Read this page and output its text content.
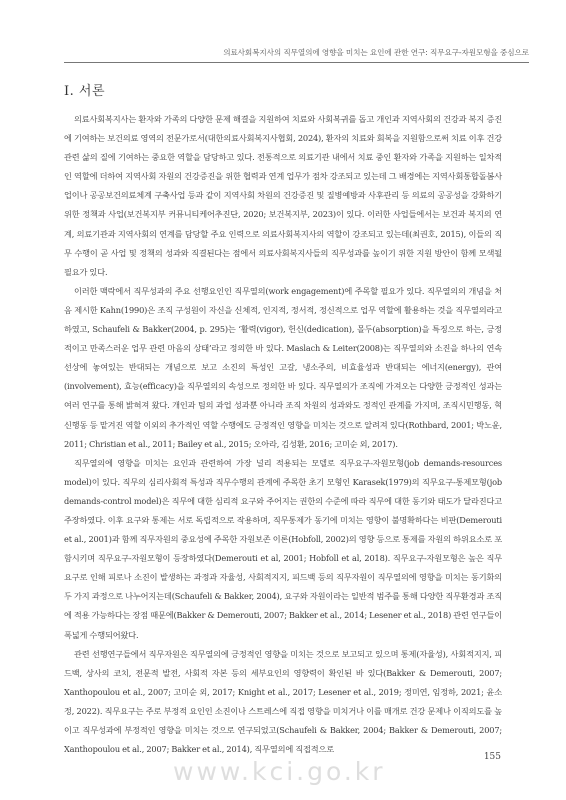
의료사회복지사의 직무열의에 영향을 미치는 요인에 관한 연구: 직무요구-자원모형을 중심으로
Ⅰ. 서론

의료사회복지사는 환자와 가족의 다양한 문제 해결을 지원하여 치료와 사회복귀를 돕고 개인과 지역사회의 건강과 복지 증진에 기여하는 보건의료 영역의 전문가로서(대한의료사회복지사협회, 2024), 환자의 치료와 회복을 지원함으로써 치료 이후 건강 관련 삶의 질에 기여하는 중요한 역할을 담당하고 있다. 전통적으로 의료기관 내에서 치료 중인 환자와 가족을 지원하는 일차적인 역할에 더하여 지역사회 자원의 건강증진을 위한 협력과 연계 업무가 점차 강조되고 있는데 그 배경에는 지역사회통합돌봄사업이나 공공보건의료체계 구축사업 등과 같이 지역사회 차원의 건강증진 및 질병예방과 사후관리 등 의료의 공공성을 강화하기 위한 정책과 사업(보건복지부 커뮤니티케어추진단, 2020; 보건복지부, 2023)이 있다. 이러한 사업들에서는 보건과 복지의 연계, 의료기관과 지역사회의 연계를 담당할 주요 인력으로 의료사회복지사의 역할이 강조되고 있는데(최권호, 2015), 이들의 직무 수행이 곧 사업 및 정책의 성과와 직결된다는 점에서 의료사회복지사들의 직무성과를 높이기 위한 지원 방안이 함께 모색될 필요가 있다.

이러한 맥락에서 직무성과의 주요 선행요인인 직무열의(work engagement)에 주목할 필요가 있다. 직무열의의 개념을 처음 제시한 Kahn(1990)은 조직 구성원이 자신을 신체적, 인지적, 정서적, 정신적으로 업무 역할에 활용하는 것을 직무열의라고 하였고, Schaufeli & Bakker(2004, p. 295)는 ‘활력(vigor), 헌신(dedication), 몰두(absorption)을 특징으로 하는, 긍정적이고 만족스러운 업무 관련 마음의 상태’라고 정의한 바 있다. Maslach & Leiter(2008)는 직무열의와 소진을 하나의 연속선상에 놓여있는 반대되는 개념으로 보고 소진의 특성인 고갈, 냉소주의, 비효율성과 반대되는 에너지(energy), 관여(involvement), 효능(efficacy)을 직무열의의 속성으로 정의한 바 있다. 직무열의가 조직에 가져오는 다양한 긍정적인 성과는 여러 연구를 통해 밝혀져 왔다. 개인과 팀의 과업 성과뿐 아니라 조직 차원의 성과와도 정적인 관계를 가지며, 조직시민행동, 혁신행동 등 맡겨진 역할 이외의 추가적인 역할 수행에도 긍정적인 영향을 미치는 것으로 알려져 있다(Rothbard, 2001; 박노윤, 2011; Christian et al., 2011; Bailey et al., 2015; 오아라, 김성환, 2016; 고미순 외, 2017).

직무열의에 영향을 미치는 요인과 관련하여 가장 널리 적용되는 모델로 직무요구-자원모형(job demands-resources model)이 있다. 직무의 심리사회적 특성과 직무수행의 관계에 주목한 초기 모형인 Karasek(1979)의 직무요구-통제모형(job demands-control model)은 직무에 대한 심리적 요구와 주어지는 권한의 수준에 따라 직무에 대한 동기와 태도가 달라진다고 주장하였다. 이후 요구와 통제는 서로 독립적으로 작용하며, 직무통제가 동기에 미치는 영향이 불명확하다는 비판(Demerouti et al., 2001)과 함께 직무자원의 중요성에 주목한 자원보존 이론(Hobfoll, 2002)의 영향 등으로 통제를 자원의 하위요소로 포함시키며 직무요구-자원모형이 등장하였다(Demerouti et al, 2001; Hobfoll et al, 2018). 직무요구-자원모형은 높은 직무요구로 인해 피로나 소진이 발생하는 과정과 자율성, 사회적지지, 피드백 등의 직무자원이 직무열의에 영향을 미치는 동기화의 두 가지 과정으로 나누어지는데(Schaufeli & Bakker, 2004), 요구와 자원이라는 일반적 범주를 통해 다양한 직무환경과 조직에 적용 가능하다는 장점 때문에(Bakker & Demerouti, 2007; Bakker et al., 2014; Lesener et al., 2018) 관련 연구들이 폭넓게 수행되어왔다.

관련 선행연구들에서 직무자원은 직무열의에 긍정적인 영향을 미치는 것으로 보고되고 있으며 통제(자율성), 사회적지지, 피드백, 상사의 코치, 전문적 발전, 사회적 자본 등의 세부요인의 영향력이 확인된 바 있다(Bakker & Demerouti, 2007; Xanthopoulou et al., 2007; 고미순 외, 2017; Knight et al., 2017; Lesener et al., 2019; 정미연, 임정하, 2021; 윤소정, 2022). 직무요구는 주로 부정적 요인인 소진이나 스트레스에 직접 영향을 미치거나 이를 매개로 건강 문제나 이직의도를 높이고 직무성과에 부정적인 영향을 미치는 것으로 연구되었고(Schaufeli & Bakker, 2004; Bakker & Demerouti, 2007; Xanthopoulou et al., 2007; Bakker et al., 2014), 직무열의에 직접적으로

www.kci.go.kr	155
